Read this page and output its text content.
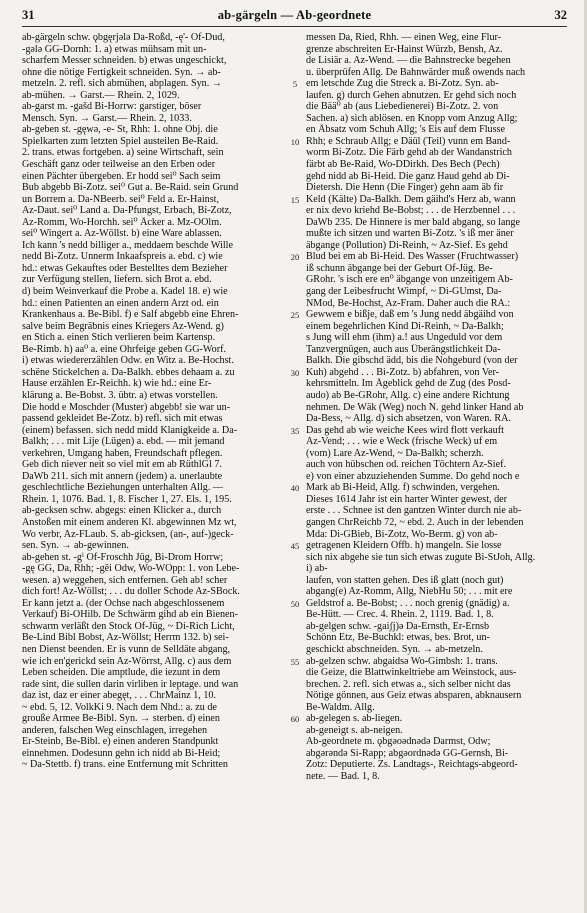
31	ab-gärgeln — Ab-geordnete	32
ab-gärgeln schw. ǫbgęrjǝlǝ Da-Roßd, -ę'- Of-Dud,
-gǝlǝ GG-Dornh: 1. a) etwas mühsam mit un-
scharfem Messer schneiden. b) etwas ungeschickt,
ohne die nötige Fertigkeit schneiden. Syn. → ab-
metzeln. 2. refl. sich abmühen, abplagen. Syn. →
ab-mühen. → Garst.— Rhein. 2, 1029.
ab-garst m. -gašd Bi-Horrw: garstiger, böser
Mensch. Syn. → Garst.— Rhein. 2, 1033.
ab-geben st. -gęwǝ, -e- St, Rhh: 1. ohne Obj. die
Spielkarten zum letzten Spiel austeilen Be-Raid.
2. trans. etwas fortgeben. a) seine Wirtschaft, sein
Geschäft ganz oder teilweise an den Erben oder
einen Pächter übergeben. Er hodd sei⁰ Sach seim
Bub abgebb Bi-Zotz. sei⁰ Gut a. Be-Raid. sein Grund
un Borrem a. Da-NBeerb. sei⁰ Feld a. Er-Hainst,
Az-Daut. sei⁰ Land a. Da-Pfungst, Erbach, Bi-Zotz,
Az-Romm, Wo-Horchh. sei⁰ Äcker a. Mz-OOlm.
sei⁰ Wingert a. Az-Wöllst. b) eine Ware ablassen.
Ich kann 's nedd billiger a., meddaem beschde Wille
nedd Bi-Zotz. Unnerm Inkaafspreis a. ebd. c) wie
hd.: etwas Gekauftes oder Bestelltes dem Bezieher
zur Verfügung stellen, liefern. sich Brot a. ebd.
d) beim Weinverkauf die Probe a. Kadel 18. e) wie
hd.: einen Patienten an einen andern Arzt od. ein
Krankenhaus a. Be-Bibl. f) e Salf abgebb eine Ehren-
salve beim Begräbnis eines Kriegers Az-Wend. g)
en Stich a. einen Stich verlieren beim Kartensp.
Be-Rimb. h) aa⁰ a. eine Ohrfeige geben GG-Worf.
i) etwas wiedererzählen Odw. en Witz a. Be-Hochst.
schëne Stickelchen a. Da-Balkh. ebbes dehaam a. zu
Hause erzählen Er-Reichh. k) wie hd.: eine Er-
klärung a. Be-Bobst. 3. übtr. a) etwas vorstellen.
Die hodd e Moschder (Muster) abgebb! sie war un-
passend gekleidet Be-Zotz. b) refl. sich mit etwas
(einem) befassen. sich nedd midd Klanigkeide a. Da-
Balkh; . . . mit Lije (Lügen) a. ebd. — mit jemand
verkehren, Umgang haben, Freundschaft pflegen.
Geb dich niever neit so viel mit em ab RüthlGl 7.
DaWb 211. sich mit annern (jedem) a. unerlaubte
geschlechtliche Beziehungen unterhalten Allg. —
Rhein. 1, 1076. Bad. 1, 8. Fischer 1, 27. Els. 1, 195.
ab-gecksen schw. abgegs: einen Klicker a., durch
Anstoßen mit einem anderen Kl. abgewinnen Mz wt,
Wo verbr, Az-FLaub. S. ab-gicksen, (an-, auf-)geck-
sen. Syn. → ab-gewinnen.
ab-gehen st. -gⁱ Of-Froschh Jüg, Bi-Drom Horrw;
-gę GG, Da, Rhh; -gēi Odw, Wo-WOpp: 1. von Lebe-
wesen. a) weggehen, sich entfernen. Geh ab! scher
dich fort! Az-Wöllst; . . . du doller Schode Az-SBock.
Er kann jetzt a. (der Ochse nach abgeschlossenem
Verkauf) Bi-OHilb. De Schwärm gihd ab ein Bienen-
schwarm verläßt den Stock Of-Jüg, ~ Di-Rich Licht,
Be-Lind Bibl Bobst, Az-Wöllst; Herrm 132. b) sei-
nen Dienst beenden. Er is vunn de Selldäte abgang,
wie ich en'gerickd sein Az-Wörrst, Allg. c) aus dem
Leben scheiden. Die amptlude, die iezunt in dem
rade sint, die sullen darin virliben ir leptage. und wan
daz ist, daz er einer abegęt, . . . ChrMainz 1, 10.
~ ebd. 5, 12. VolkKi 9. Nach dem Nhd.: a. zu de
grouße Armee Be-Bibl. Syn. → sterben. d) einen
anderen, falschen Weg einschlagen, irregehen
Er-Steinb, Be-Bibl. e) einen anderen Standpunkt
einnehmen. Dodesunn gehn ich nidd ab Bi-Heid;
~ Da-Stettb. f) trans. eine Entfernung mit Schritten
5
10
15
20
25
30
35
40
45
50
55
60
messen Da, Ried, Rhh. — einen Weg, eine Flur-
grenze abschreiten Er-Hainst Würzb, Bensh, Az.
de Lisiär a. Az-Wend. — die Bahnstrecke begehen
u. überprüfen Allg. De Bahnwärder muß owends nach
em letschde Zug die Streck a. Bi-Zotz. Syn. ab-
laufen. g) durch Gehen abnutzen. Er gehd sich noch
die Bää⁰ ab (aus Liebedienerei) Bi-Zotz. 2. von
Sachen. a) sich ablösen. en Knopp vom Anzug Allg;
en Äbsatz vom Schuh Allg; 's Eis auf dem Flusse
Rhh; e Schraub Allg; e Däül (Teil) vunn em Band-
worm Bi-Zotz. Die Färb gehd ab der Wandanstrich
färbt ab Be-Raid, Wo-DDirkh. Des Bech (Pech)
gehd nidd ab Bi-Heid. Die ganz Haud gehd ab Di-
Dietersh. Die Henn (Die Finger) gehn aam äb fir
Keld (Kälte) Da-Balkh. Dem gäihd's Herz ab, wann
er nix devo kriehd Be-Bobst; . . . de Herzbennel . . .
DaWb 235. De Hinnere is mer bald abgang, so lange
mußte ich sitzen und warten Bi-Zotz. 's iß mer äner
äbgange (Pollution) Di-Reinh, ~ Az-Sief. Es gehd
Blud bei em ab Bi-Heid. Des Wasser (Fruchtwasser)
iß schunn äbgange bei der Geburt Of-Jüg. Be-
GRohr. 's isch ere en⁰ äbgange von unzeitigem Ab-
gang der Leibesfrucht Wimpf, ~ Di-GUmst, Da-
NMod, Be-Hochst, Az-Fram. Daher auch die RA.:
Gewwem e bißje, daß em 's Jung nedd äbgäihd von
einem begehrlichen Kind Di-Reinh, ~ Da-Balkh;
s Jung will ehm (ihm) a.! aus Ungeduld vor dem
Tanzvergnügen, auch aus Überängstlichkeit Da-
Balkh. Die gibschd ädd, bis die Nohgeburd (von der
Kuh) abgehd . . . Bi-Zotz. b) abfahren, von Ver-
kehrsmitteln. Im Ägeblick gehd de Zug (des Posd-
audo) ab Be-GRohr, Allg. c) eine andere Richtung
nehmen. De Wäk (Weg) noch N. gehd linker Hand ab
Da-Bess, ~ Allg. d) sich absetzen, von Waren. RA.
Das gehd ab wie weiche Kees wird flott verkauft
Az-Vend; . . . wie e Weck (frische Weck) uf em
(vom) Lare Az-Wend, ~ Da-Balkh; scherzh.
auch von hübschen od. reichen Töchtern Az-Sief.
e) von einer abzuziehenden Summe. Do gehd noch e
Mark ab Bi-Heid, Allg. f) schwinden, vergehen.
Dieses 1614 Jahr ist ein harter Winter gewest, der
erste . . . Schnee ist den gantzen Winter durch nie ab-
gangen ChrReichb 72, ~ ebd. 2. Auch in der lebenden
Mda: Di-GBieb, Bi-Zotz, Wo-Berm. g) von ab-
getragenen Kleidern Offb. h) mangeln. Sie losse
sich nix abgehe sie tun sich etwas zugute Bi-StJoh, Allg.
i) ab-
laufen, von statten gehen. Des iß glatt (noch gut)
abgang(e) Az-Romm, Allg, NiebHu 50; . . . mit ere
Geldstrof a. Be-Bobst; . . . noch grenig (gnädig) a.
Be-Hütt. — Crec. 4. Rhein. 2, 1119. Bad. 1, 8.
ab-gelgen schw. -gaiʃj)ə Da-Ernsth, Er-Ernsb
Schönn Etz, Be-Buchkl: etwas, bes. Brot, un-
geschickt abschneiden. Syn. → ab-metzeln.
ab-gelzen schw. abgaidsə Wo-Gimbsh: 1. trans.
die Geize, die Blattwinkeltriebe am Weinstock, aus-
brechen. 2. refl. sich etwas a., sich selber nicht das
Nötige gönnen, aus Geiz etwas absparen, abknausern
Be-Waldm. Allg.
ab-gelegen s. ab-liegen.
ab-geneigt s. ab-neigen.
Ab-geordnete m. ǫbgǝoǝdnǝdǝ Darmst, Odw;
abgǝrǝndǝ Si-Rapp; abgǝordnǝdǝ GG-Gernsh, Bi-
Zotz: Deputierte. Zs. Landtags-, Reichtags-abgeord-
nete. — Bad. 1, 8.
